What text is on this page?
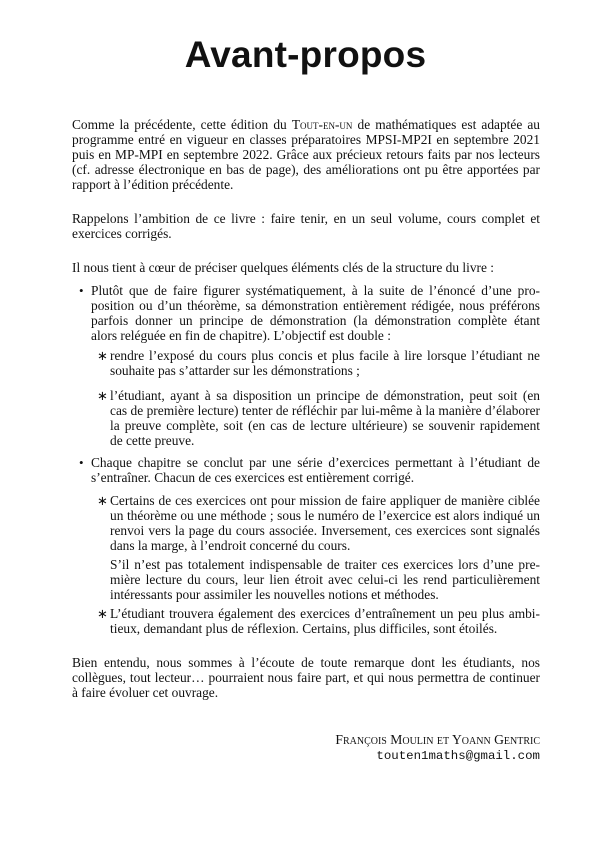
Avant-propos
Comme la précédente, cette édition du Tout-en-un de mathématiques est adaptée au
programme entré en vigueur en classes préparatoires MPSI-MP2I en septembre 2021
puis en MP-MPI en septembre 2022. Grâce aux précieux retours faits par nos lecteurs
(cf. adresse électronique en bas de page), des améliorations ont pu être apportées par
rapport à l’édition précédente.
Rappelons l’ambition de ce livre : faire tenir, en un seul volume, cours complet et
exercices corrigés.
Il nous tient à cœur de préciser quelques éléments clés de la structure du livre :
• Plutôt que de faire figurer systématiquement, à la suite de l’énoncé d’une pro-
position ou d’un théorème, sa démonstration entièrement rédigée, nous préférons
parfois donner un principe de démonstration (la démonstration complète étant
alors reléguée en fin de chapitre). L’objectif est double :
∗ rendre l’exposé du cours plus concis et plus facile à lire lorsque l’étudiant ne
souhaite pas s’attarder sur les démonstrations ;
∗ l’étudiant, ayant à sa disposition un principe de démonstration, peut soit (en
cas de première lecture) tenter de réfléchir par lui-même à la manière d’élaborer
la preuve complète, soit (en cas de lecture ultérieure) se souvenir rapidement
de cette preuve.
• Chaque chapitre se conclut par une série d’exercices permettant à l’étudiant de
s’entraîner. Chacun de ces exercices est entièrement corrigé.
∗ Certains de ces exercices ont pour mission de faire appliquer de manière ciblée
un théorème ou une méthode ; sous le numéro de l’exercice est alors indiqué un
renvoi vers la page du cours associée. Inversement, ces exercices sont signalés
dans la marge, à l’endroit concerné du cours.
S’il n’est pas totalement indispensable de traiter ces exercices lors d’une pre-
mière lecture du cours, leur lien étroit avec celui-ci les rend particulièrement
intéressants pour assimiler les nouvelles notions et méthodes.
∗ L’étudiant trouvera également des exercices d’entraînement un peu plus ambi-
tieux, demandant plus de réflexion. Certains, plus difficiles, sont étoilés.
Bien entendu, nous sommes à l’écoute de toute remarque dont les étudiants, nos
collègues, tout lecteur… pourraient nous faire part, et qui nous permettra de continuer
à faire évoluer cet ouvrage.
François Moulin et Yoann Gentric
touten1maths@gmail.com
